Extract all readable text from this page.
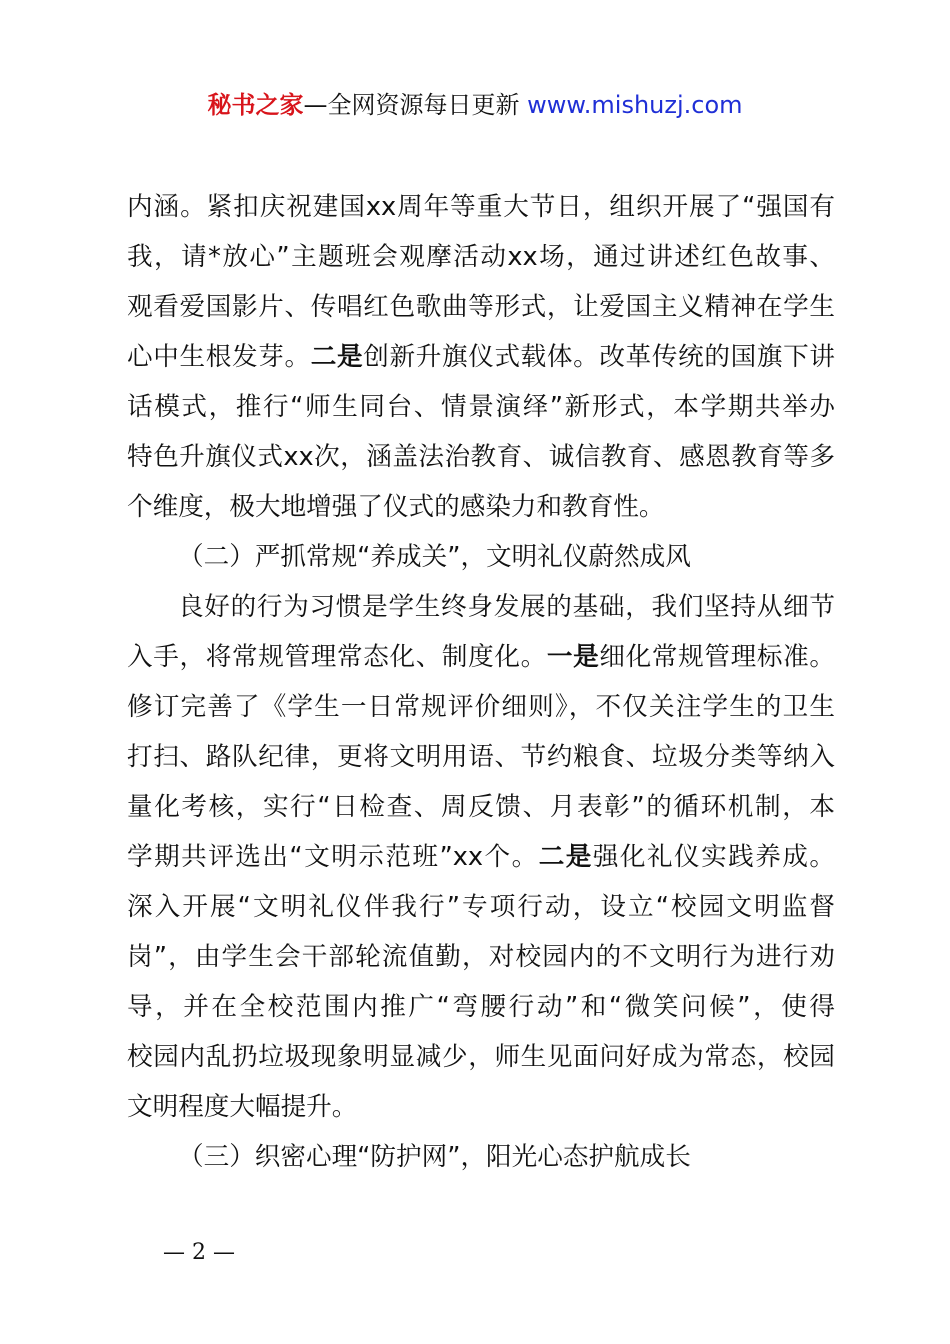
秘书之家—全网资源每日更新 www.mishuzj.com
内涵。紧扣庆祝建国xx周年等重大节日，组织开展了“强国有
我，请*放心”主题班会观摩活动xx场，通过讲述红色故事、
观看爱国影片、传唱红色歌曲等形式，让爱国主义精神在学生
心中生根发芽。二是创新升旗仪式载体。改革传统的国旗下讲
话模式，推行“师生同台、情景演绎”新形式，本学期共举办
特色升旗仪式xx次，涵盖法治教育、诚信教育、感恩教育等多
个维度，极大地增强了仪式的感染力和教育性。
（二）严抓常规“养成关”，文明礼仪蔚然成风
良好的行为习惯是学生终身发展的基础，我们坚持从细节
入手，将常规管理常态化、制度化。一是细化常规管理标准。
修订完善了《学生一日常规评价细则》，不仅关注学生的卫生
打扫、路队纪律，更将文明用语、节约粮食、垃圾分类等纳入
量化考核，实行“日检查、周反馈、月表彰”的循环机制，本
学期共评选出“文明示范班”xx个。二是强化礼仪实践养成。
深入开展“文明礼仪伴我行”专项行动，设立“校园文明监督
岗”，由学生会干部轮流值勤，对校园内的不文明行为进行劝
导，并在全校范围内推广“弯腰行动”和“微笑问候”，使得
校园内乱扔垃圾现象明显减少，师生见面问好成为常态，校园
文明程度大幅提升。
（三）织密心理“防护网”，阳光心态护航成长
— 2 —
